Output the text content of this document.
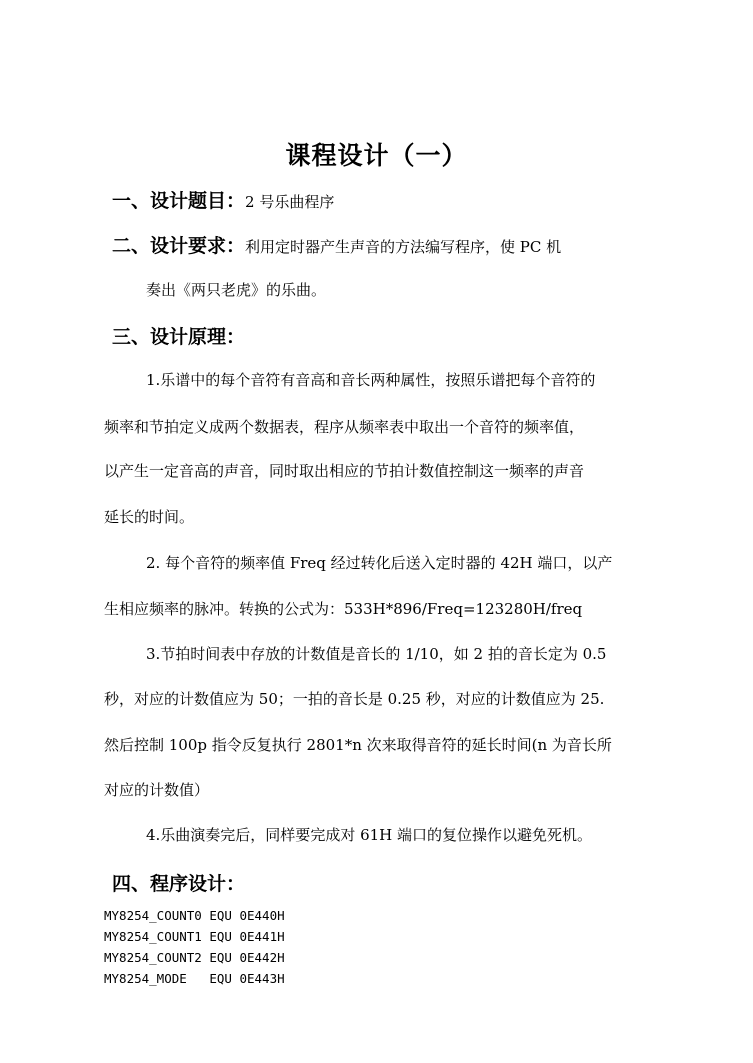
课程设计（一）
一、设计题目：2 号乐曲程序
二、设计要求：利用定时器产生声音的方法编写程序，使 PC 机
奏出《两只老虎》的乐曲。
三、设计原理：
1.乐谱中的每个音符有音高和音长两种属性，按照乐谱把每个音符的
频率和节拍定义成两个数据表，程序从频率表中取出一个音符的频率值，
以产生一定音高的声音，同时取出相应的节拍计数值控制这一频率的声音
延长的时间。
2. 每个音符的频率值 Freq 经过转化后送入定时器的 42H 端口，以产
生相应频率的脉冲。转换的公式为：533H*896/Freq=123280H/freq
3.节拍时间表中存放的计数值是音长的 1/10，如 2 拍的音长定为 0.5
秒，对应的计数值应为 50；一拍的音长是 0.25 秒，对应的计数值应为 25.
然后控制 100p 指令反复执行 2801*n 次来取得音符的延长时间(n 为音长所
对应的计数值）
4.乐曲演奏完后，同样要完成对 61H 端口的复位操作以避免死机。
四、程序设计：
MY8254_COUNT0 EQU 0E440H
MY8254_COUNT1 EQU 0E441H
MY8254_COUNT2 EQU 0E442H
MY8254_MODE   EQU 0E443H
